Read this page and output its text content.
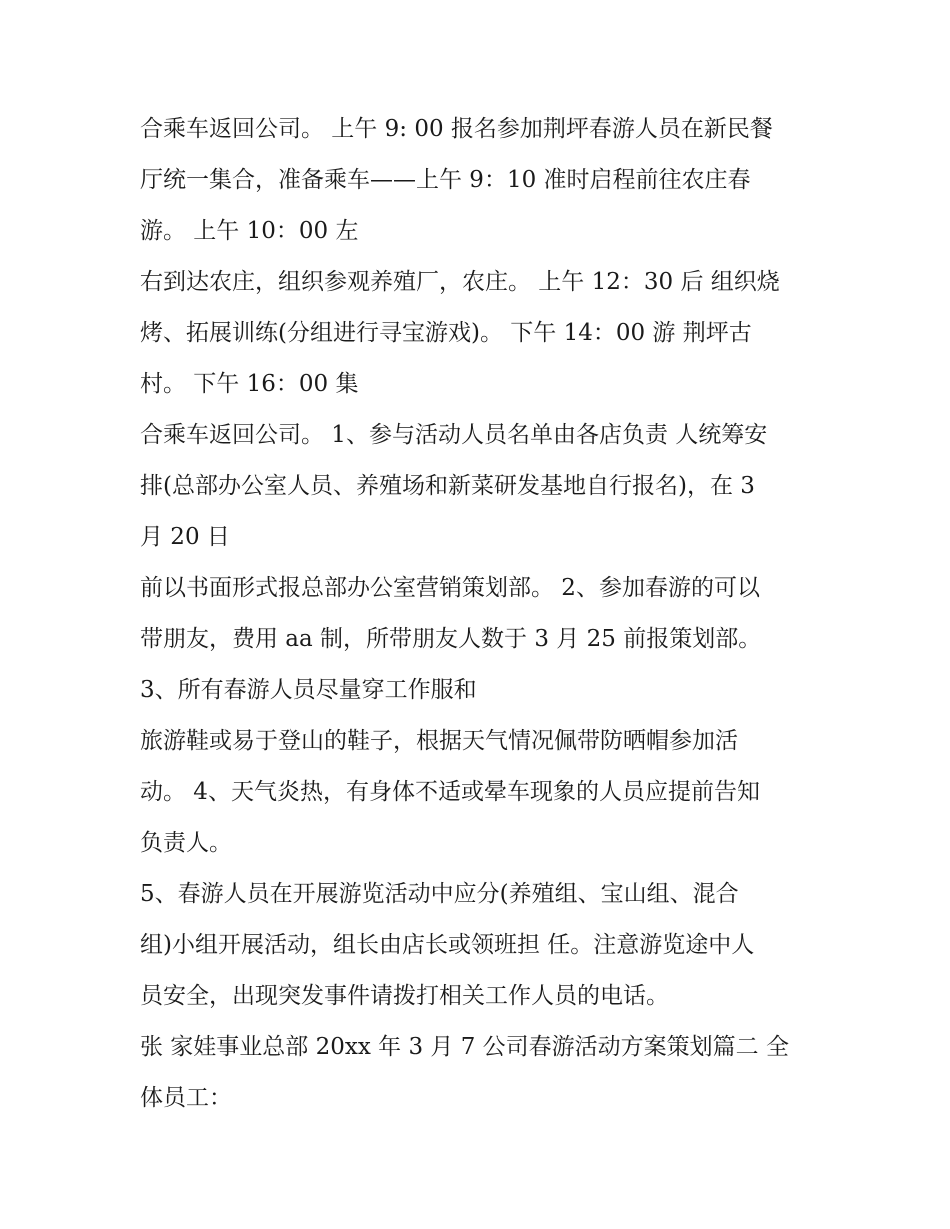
合乘车返回公司。 上午 9: 00 报名参加荆坪春游人员在新民餐
厅统一集合，准备乘车——上午 9：10 准时启程前往农庄春
游。 上午 10：00 左
右到达农庄，组织参观养殖厂，农庄。 上午 12：30 后 组织烧
烤、拓展训练(分组进行寻宝游戏)。 下午 14：00 游 荆坪古
村。 下午 16：00 集
合乘车返回公司。 1、参与活动人员名单由各店负责 人统筹安
排(总部办公室人员、养殖场和新菜研发基地自行报名)，在 3
月 20 日
前以书面形式报总部办公室营销策划部。 2、参加春游的可以
带朋友，费用 aa 制，所带朋友人数于 3 月 25 前报策划部。
3、所有春游人员尽量穿工作服和
旅游鞋或易于登山的鞋子，根据天气情况佩带防晒帽参加活
动。 4、天气炎热，有身体不适或晕车现象的人员应提前告知
负责人。
5、春游人员在开展游览活动中应分(养殖组、宝山组、混合
组)小组开展活动，组长由店长或领班担 任。注意游览途中人
员安全，出现突发事件请拨打相关工作人员的电话。
张 家娃事业总部 20xx 年 3 月 7 公司春游活动方案策划篇二 全
体员工：
